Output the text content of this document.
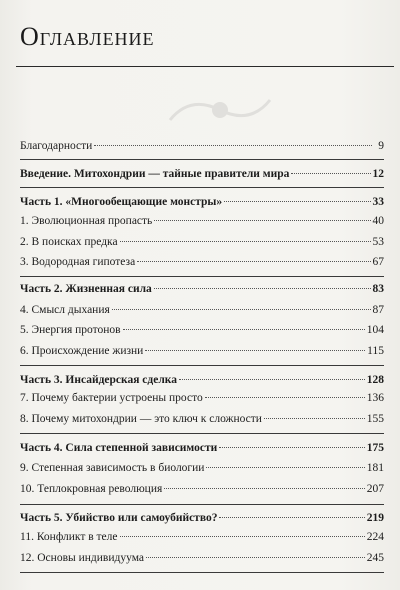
Оглавление
Благодарности	9
Введение. Митохондрии — тайные правители мира	12
Часть 1. «Многообещающие монстры»	33
1. Эволюционная пропасть	40
2. В поисках предка	53
3. Водородная гипотеза	67
Часть 2. Жизненная сила	83
4. Смысл дыхания	87
5. Энергия протонов	104
6. Происхождение жизни	115
Часть 3. Инсайдерская сделка	128
7. Почему бактерии устроены просто	136
8. Почему митохондрии — это ключ к сложности	155
Часть 4. Сила степенной зависимости	175
9. Степенная зависимость в биологии	181
10. Теплокровная революция	207
Часть 5. Убийство или самоубийство?	219
11. Конфликт в теле	224
12. Основы индивидуума	245
